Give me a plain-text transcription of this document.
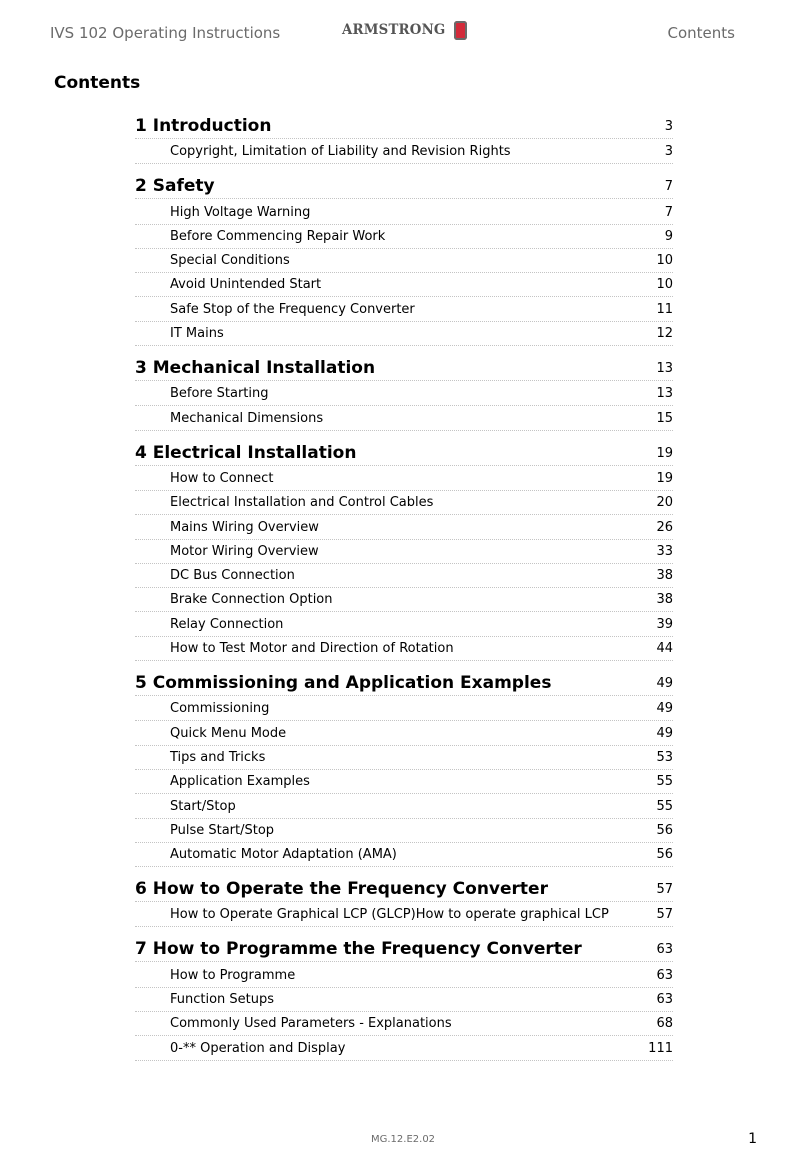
IVS 102 Operating Instructions	ARMSTRONG	Contents
Contents
1 Introduction	3
Copyright, Limitation of Liability and Revision Rights	3
2 Safety	7
High Voltage Warning	7
Before Commencing Repair Work	9
Special Conditions	10
Avoid Unintended Start	10
Safe Stop of the Frequency Converter	11
IT Mains	12
3 Mechanical Installation	13
Before Starting	13
Mechanical Dimensions	15
4 Electrical Installation	19
How to Connect	19
Electrical Installation and Control Cables	20
Mains Wiring Overview	26
Motor Wiring Overview	33
DC Bus Connection	38
Brake Connection Option	38
Relay Connection	39
How to Test Motor and Direction of Rotation	44
5 Commissioning and Application Examples	49
Commissioning	49
Quick Menu Mode	49
Tips and Tricks	53
Application Examples	55
Start/Stop	55
Pulse Start/Stop	56
Automatic Motor Adaptation (AMA)	56
6 How to Operate the Frequency Converter	57
How to Operate Graphical LCP (GLCP)How to operate graphical LCP	57
7 How to Programme the Frequency Converter	63
How to Programme	63
Function Setups	63
Commonly Used Parameters - Explanations	68
0-** Operation and Display	111
MG.12.E2.02	1
